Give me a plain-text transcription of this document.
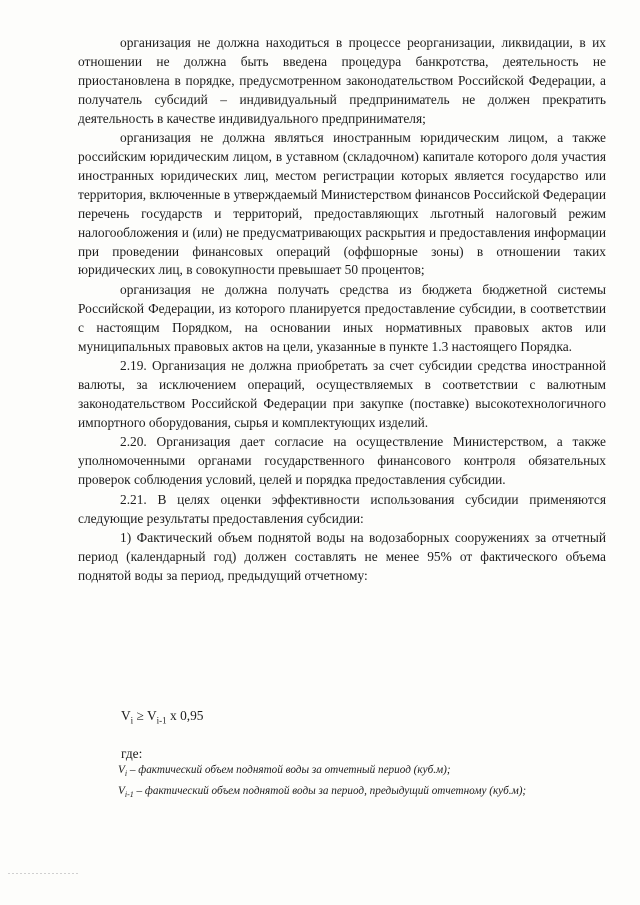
организация не должна находиться в процессе реорганизации, ликвидации, в их отношении не должна быть введена процедура банкротства, деятельность не приостановлена в порядке, предусмотренном законодательством Российской Федерации, а получатель субсидий – индивидуальный предприниматель не должен прекратить деятельность в качестве индивидуального предпринимателя;

организация не должна являться иностранным юридическим лицом, а также российским юридическим лицом, в уставном (складочном) капитале которого доля участия иностранных юридических лиц, местом регистрации которых является государство или территория, включенные в утверждаемый Министерством финансов Российской Федерации перечень государств и территорий, предоставляющих льготный налоговый режим налогообложения и (или) не предусматривающих раскрытия и предоставления информации при проведении финансовых операций (оффшорные зоны) в отношении таких юридических лиц, в совокупности превышает 50 процентов;

организация не должна получать средства из бюджета бюджетной системы Российской Федерации, из которого планируется предоставление субсидии, в соответствии с настоящим Порядком, на основании иных нормативных правовых актов или муниципальных правовых актов на цели, указанные в пункте 1.3 настоящего Порядка.

2.19. Организация не должна приобретать за счет субсидии средства иностранной валюты, за исключением операций, осуществляемых в соответствии с валютным законодательством Российской Федерации при закупке (поставке) высокотехнологичного импортного оборудования, сырья и комплектующих изделий.

2.20. Организация дает согласие на осуществление Министерством, а также уполномоченными органами государственного финансового контроля обязательных проверок соблюдения условий, целей и порядка предоставления субсидии.

2.21. В целях оценки эффективности использования субсидии применяются следующие результаты предоставления субсидии:

1) Фактический объем поднятой воды на водозаборных сооружениях за отчетный период (календарный год) должен составлять не менее 95% от фактического объема поднятой воды за период, предыдущий отчетному:

$V_i \ge V_{i-1}$ x 0,95
где:
$V_i$ – фактический объем поднятой воды за отчетный период (куб.м);
$V_{i-1}$ – фактический объем поднятой воды за период, предыдущий отчетному (куб.м);
